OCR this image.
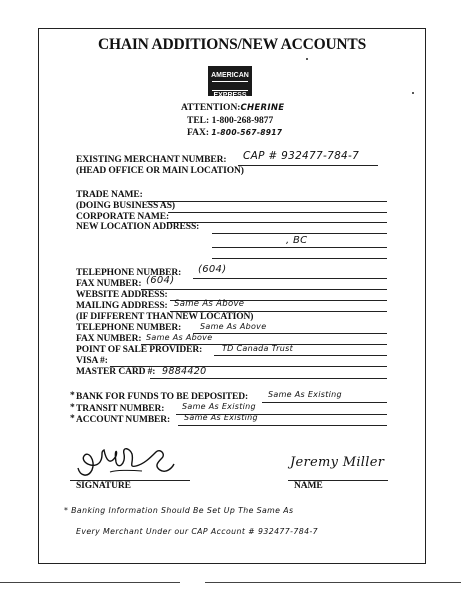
CHAIN ADDITIONS/NEW ACCOUNTS
AMERICAN

EXPRESS
ATTENTION:CHERINE
TEL: 1-800-268-9877
FAX: 1-800-567-8917
EXISTING MERCHANT NUMBER: CAP # 932477-784-7
(HEAD OFFICE OR MAIN LOCATION)
TRADE NAME:
(DOING BUSINESS AS)
CORPORATE NAME:
NEW LOCATION ADDRESS:
, BC
TELEPHONE NUMBER: (604)
FAX NUMBER: (604)
WEBSITE ADDRESS:
MAILING ADDRESS: Same As Above
(IF DIFFERENT THAN NEW LOCATION)
TELEPHONE NUMBER: Same As Above
FAX NUMBER: Same As Above
POINT OF SALE PROVIDER: TD Canada Trust
VISA #:
MASTER CARD #: 9884420
* BANK FOR FUNDS TO BE DEPOSITED: Same As Existing
* TRANSIT NUMBER: Same As Existing
* ACCOUNT NUMBER: Same As Existing
SIGNATURE
Jeremy Miller
NAME
* Banking Information Should Be Set Up The Same As
Every Merchant Under our CAP Account # 932477-784-7
